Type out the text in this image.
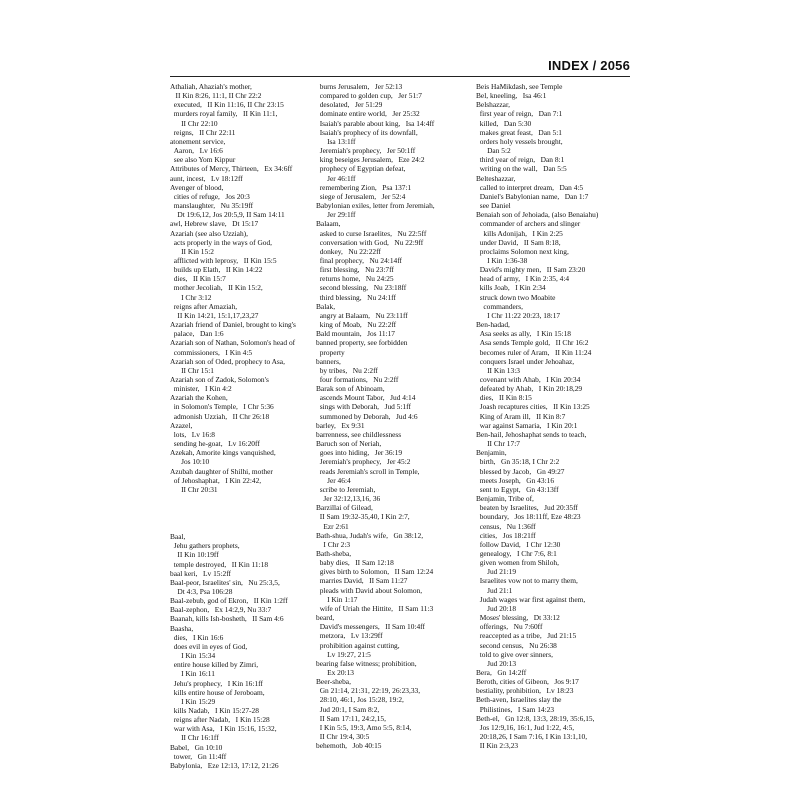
INDEX / 2056

Athaliah, Ahaziah's mother,

II Kin 8:26, 11:1, II Chr 22:2

executed,   II Kin 11:16, II Chr 23:15

murders royal family,   II Kin 11:1,

II Chr 22:10

reigns,   II Chr 22:11

atonement service,

Aaron,   Lv 16:6

see also Yom Kippur

Attributes of Mercy, Thirteen,   Ex 34:6ff

aunt, incest,   Lv 18:12ff

Avenger of blood,

cities of refuge,   Jos 20:3

manslaughter,   Nu 35:19ff

Dt 19:6,12, Jos 20:5,9, II Sam 14:11

awl, Hebrew slave,   Dt 15:17

Azariah (see also Uzziah),

acts properly in the ways of God,

II Kin 15:2

afflicted with leprosy,   II Kin 15:5

builds up Elath,   II Kin 14:22

dies,   II Kin 15:7

mother Jecoliah,   II Kin 15:2,

I Chr 3:12

reigns after Amaziah,

II Kin 14:21, 15:1,17,23,27

Azariah friend of Daniel, brought to king's

palace,   Dan 1:6

Azariah son of Nathan, Solomon's head of

commissioners,   I Kin 4:5

Azariah son of Oded, prophecy to Asa,

II Chr 15:1

Azariah son of Zadok, Solomon's

minister,   I Kin 4:2

Azariah the Kohen,

in Solomon's Temple,   I Chr 5:36

admonish Uzziah,   II Chr 26:18

Azazel,

lots,   Lv 16:8

sending he-goat,   Lv 16:20ff

Azekah, Amorite kings vanquished,

Jos 10:10

Azubah daughter of Shilhi, mother

of Jehoshaphat,   I Kin 22:42,

II Chr 20:31

Baal,

Jehu gathers prophets,

II Kin 10:19ff

temple destroyed,   II Kin 11:18

baal keri,   Lv 15:2ff

Baal-peor, Israelites' sin,   Nu 25:3,5,

Dt 4:3, Psa 106:28

Baal-zebub, god of Ekron,   II Kin 1:2ff

Baal-zephon,   Ex 14:2,9, Nu 33:7

Baanah, kills Ish-bosheth,   II Sam 4:6

Baasha,

dies,   I Kin 16:6

does evil in eyes of God,

I Kin 15:34

entire house killed by Zimri,

I Kin 16:11

Jehu's prophecy,   I Kin 16:1ff

kills entire house of Jeroboam,

I Kin 15:29

kills Nadab,   I Kin 15:27-28

reigns after Nadab,   I Kin 15:28

war with Asa,   I Kin 15:16, 15:32,

II Chr 16:1ff

Babel,   Gn 10:10

tower,   Gn 11:4ff

Babylonia,   Eze 12:13, 17:12, 21:26

burns Jerusalem,   Jer 52:13

compared to golden cup,   Jer 51:7

desolated,   Jer 51:29

dominate entire world,   Jer 25:32

Isaiah's parable about king,   Isa 14:4ff

Isaiah's prophecy of its downfall,

Isa 13:1ff

Jeremiah's prophecy,   Jer 50:1ff

king beseiges Jerusalem,   Eze 24:2

prophecy of Egyptian defeat,

Jer 46:1ff

remembering Zion,   Psa 137:1

siege of Jerusalem,   Jer 52:4

Babylonian exiles, letter from Jeremiah,

Jer 29:1ff

Balaam,

asked to curse Israelites,   Nu 22:5ff

conversation with God,   Nu 22:9ff

donkey,   Nu 22:22ff

final prophecy,   Nu 24:14ff

first blessing,   Nu 23:7ff

returns home,   Nu 24:25

second blessing,   Nu 23:18ff

third blessing,   Nu 24:1ff

Balak,

angry at Balaam,   Nu 23:11ff

king of Moab,   Nu 22:2ff

Bald mountain,   Jos 11:17

banned property, see forbidden

property

banners,

by tribes,   Nu 2:2ff

four formations,   Nu 2:2ff

Barak son of Abinoam,

ascends Mount Tabor,   Jud 4:14

sings with Deborah,   Jud 5:1ff

summoned by Deborah,   Jud 4:6

barley,   Ex 9:31

barrenness, see childlessness

Baruch son of Neriah,

goes into hiding,   Jer 36:19

Jeremiah's prophecy,   Jer 45:2

reads Jeremiah's scroll in Temple,

Jer 46:4

scribe to Jeremiah,

Jer 32:12,13,16, 36

Barzillai of Gilead,

II Sam 19:32-35,40, I Kin 2:7,

Ezr 2:61

Bath-shua, Judah's wife,   Gn 38:12,

I Chr 2:3

Bath-sheba,

baby dies,   II Sam 12:18

gives birth to Solomon,   II Sam 12:24

marries David,   II Sam 11:27

pleads with David about Solomon,

I Kin 1:17

wife of Uriah the Hittite,   II Sam 11:3

beard,

David's messengers,   II Sam 10:4ff

metzora,   Lv 13:29ff

prohibition against cutting,

Lv 19:27, 21:5

bearing false witness; prohibition,

Ex 20:13

Beer-sheba,

Gn 21:14, 21:31, 22:19, 26:23,33,

28:10, 46:1, Jos 15:28, 19:2,

Jud 20:1, I Sam 8:2,

II Sam 17:11, 24:2,15,

I Kin 5:5, 19:3, Amo 5:5, 8:14,

II Chr 19:4, 30:5

behemoth,   Job 40:15

Beis HaMikdash, see Temple

Bel, kneeling,   Isa 46:1

Belshazzar,

first year of reign,   Dan 7:1

killed,   Dan 5:30

makes great feast,   Dan 5:1

orders holy vessels brought,

Dan 5:2

third year of reign,   Dan 8:1

writing on the wall,   Dan 5:5

Belteshazzar,

called to interpret dream,   Dan 4:5

Daniel's Babylonian name,   Dan 1:7

see Daniel

Benaiah son of Jehoiada, (also Benaiahu)

commander of archers and slinger

kills Adonijah,   I Kin 2:25

under David,   II Sam 8:18,

proclaims Solomon next king,

I Kin 1:36-38

David's mighty men,   II Sam 23:20

head of army,   I Kin 2:35, 4:4

kills Joab,   I Kin 2:34

struck down two Moabite

commanders,

I Chr 11:22 20:23, 18:17

Ben-hadad,

Asa seeks as ally,   I Kin 15:18

Asa sends Temple gold,   II Chr 16:2

becomes ruler of Aram,   II Kin 11:24

conquers Israel under Jehoahaz,

II Kin 13:3

covenant with Ahab,   I Kin 20:34

defeated by Ahab,   I Kin 20:18,29

dies,   II Kin 8:15

Joash recaptures cities,   II Kin 13:25

King of Aram ill,   II Kin 8:7

war against Samaria,   I Kin 20:1

Ben-hail, Jehoshaphat sends to teach,

II Chr 17:7

Benjamin,

birth,   Gn 35:18, I Chr 2:2

blessed by Jacob,   Gn 49:27

meets Joseph,   Gn 43:16

sent to Egypt,   Gn 43:13ff

Benjamin, Tribe of,

beaten by Israelites,   Jud 20:35ff

boundary,   Jos 18:11ff, Eze 48:23

census,   Nu 1:36ff

cities,   Jos 18:21ff

follow David,   I Chr 12:30

genealogy,   I Chr 7:6, 8:1

given women from Shiloh,

Jud 21:19

Israelites vow not to marry them,

Jud 21:1

Judah wages war first against them,

Jud 20:18

Moses' blessing,   Dt 33:12

offerings,   Nu 7:60ff

reaccepted as a tribe,   Jud 21:15

second census,   Nu 26:38

told to give over sinners,

Jud 20:13

Bera,   Gn 14:2ff

Beroth, cities of Gibeon,   Jos 9:17

bestiality, prohibition,   Lv 18:23

Beth-aven, Israelites slay the

Philistines,   I Sam 14:23

Beth-el,   Gn 12:8, 13:3, 28:19, 35:6,15,

Jos 12:9,16, 16:1, Jud 1:22, 4:5,

20:18,26, I Sam 7:16, I Kin 13:1,10,

II Kin 2:3,23
